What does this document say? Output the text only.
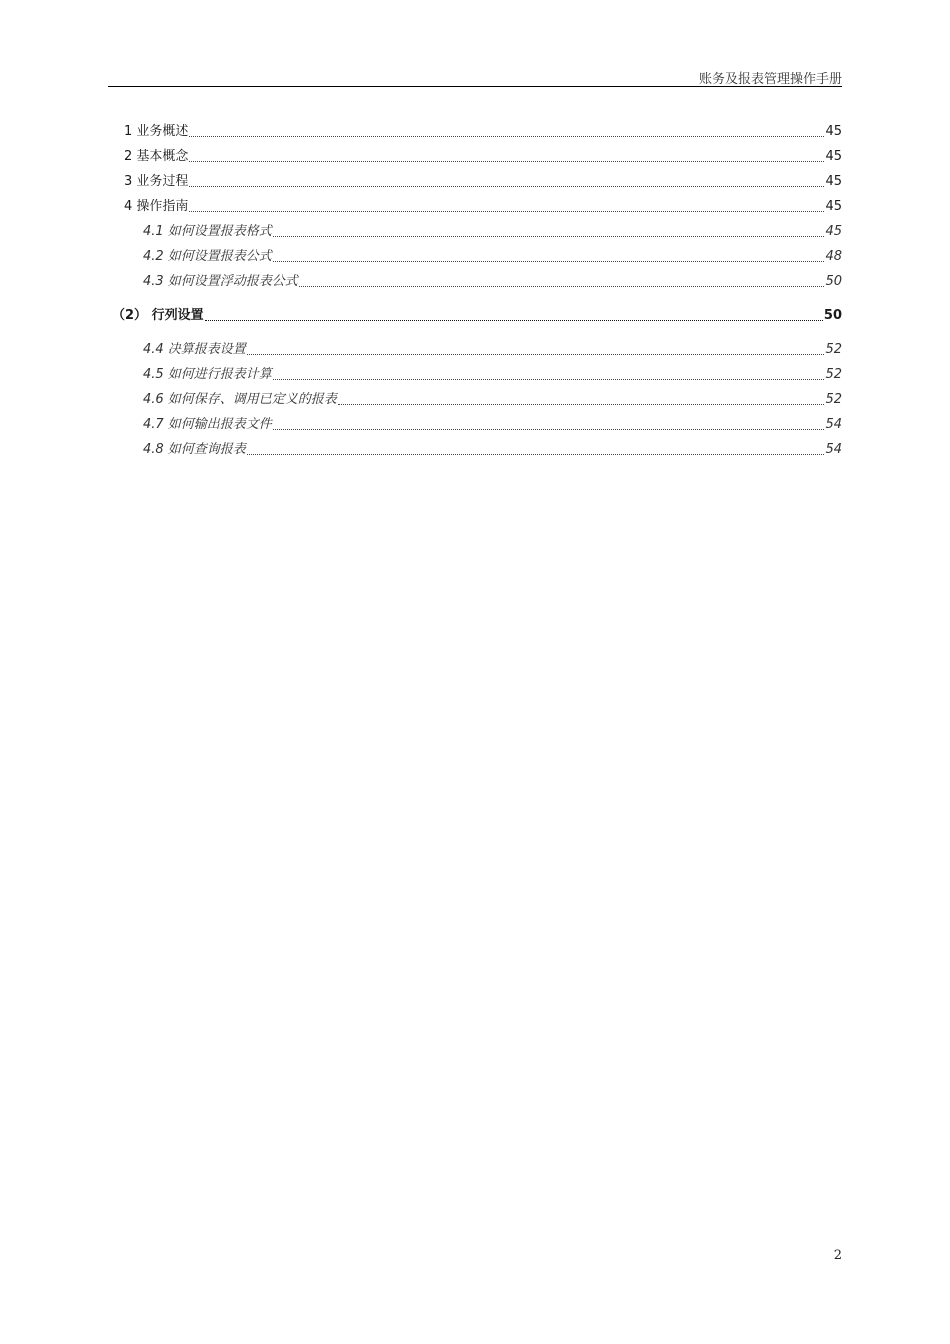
账务及报表管理操作手册
1 业务概述	45
2 基本概念	45
3 业务过程	45
4 操作指南	45
4.1 如何设置报表格式	45
4.2 如何设置报表公式	48
4.3 如何设置浮动报表公式	50
（2） 行列设置	50
4.4 决算报表设置	52
4.5 如何进行报表计算	52
4.6 如何保存、调用已定义的报表	52
4.7 如何输出报表文件	54
4.8 如何查询报表	54
2
